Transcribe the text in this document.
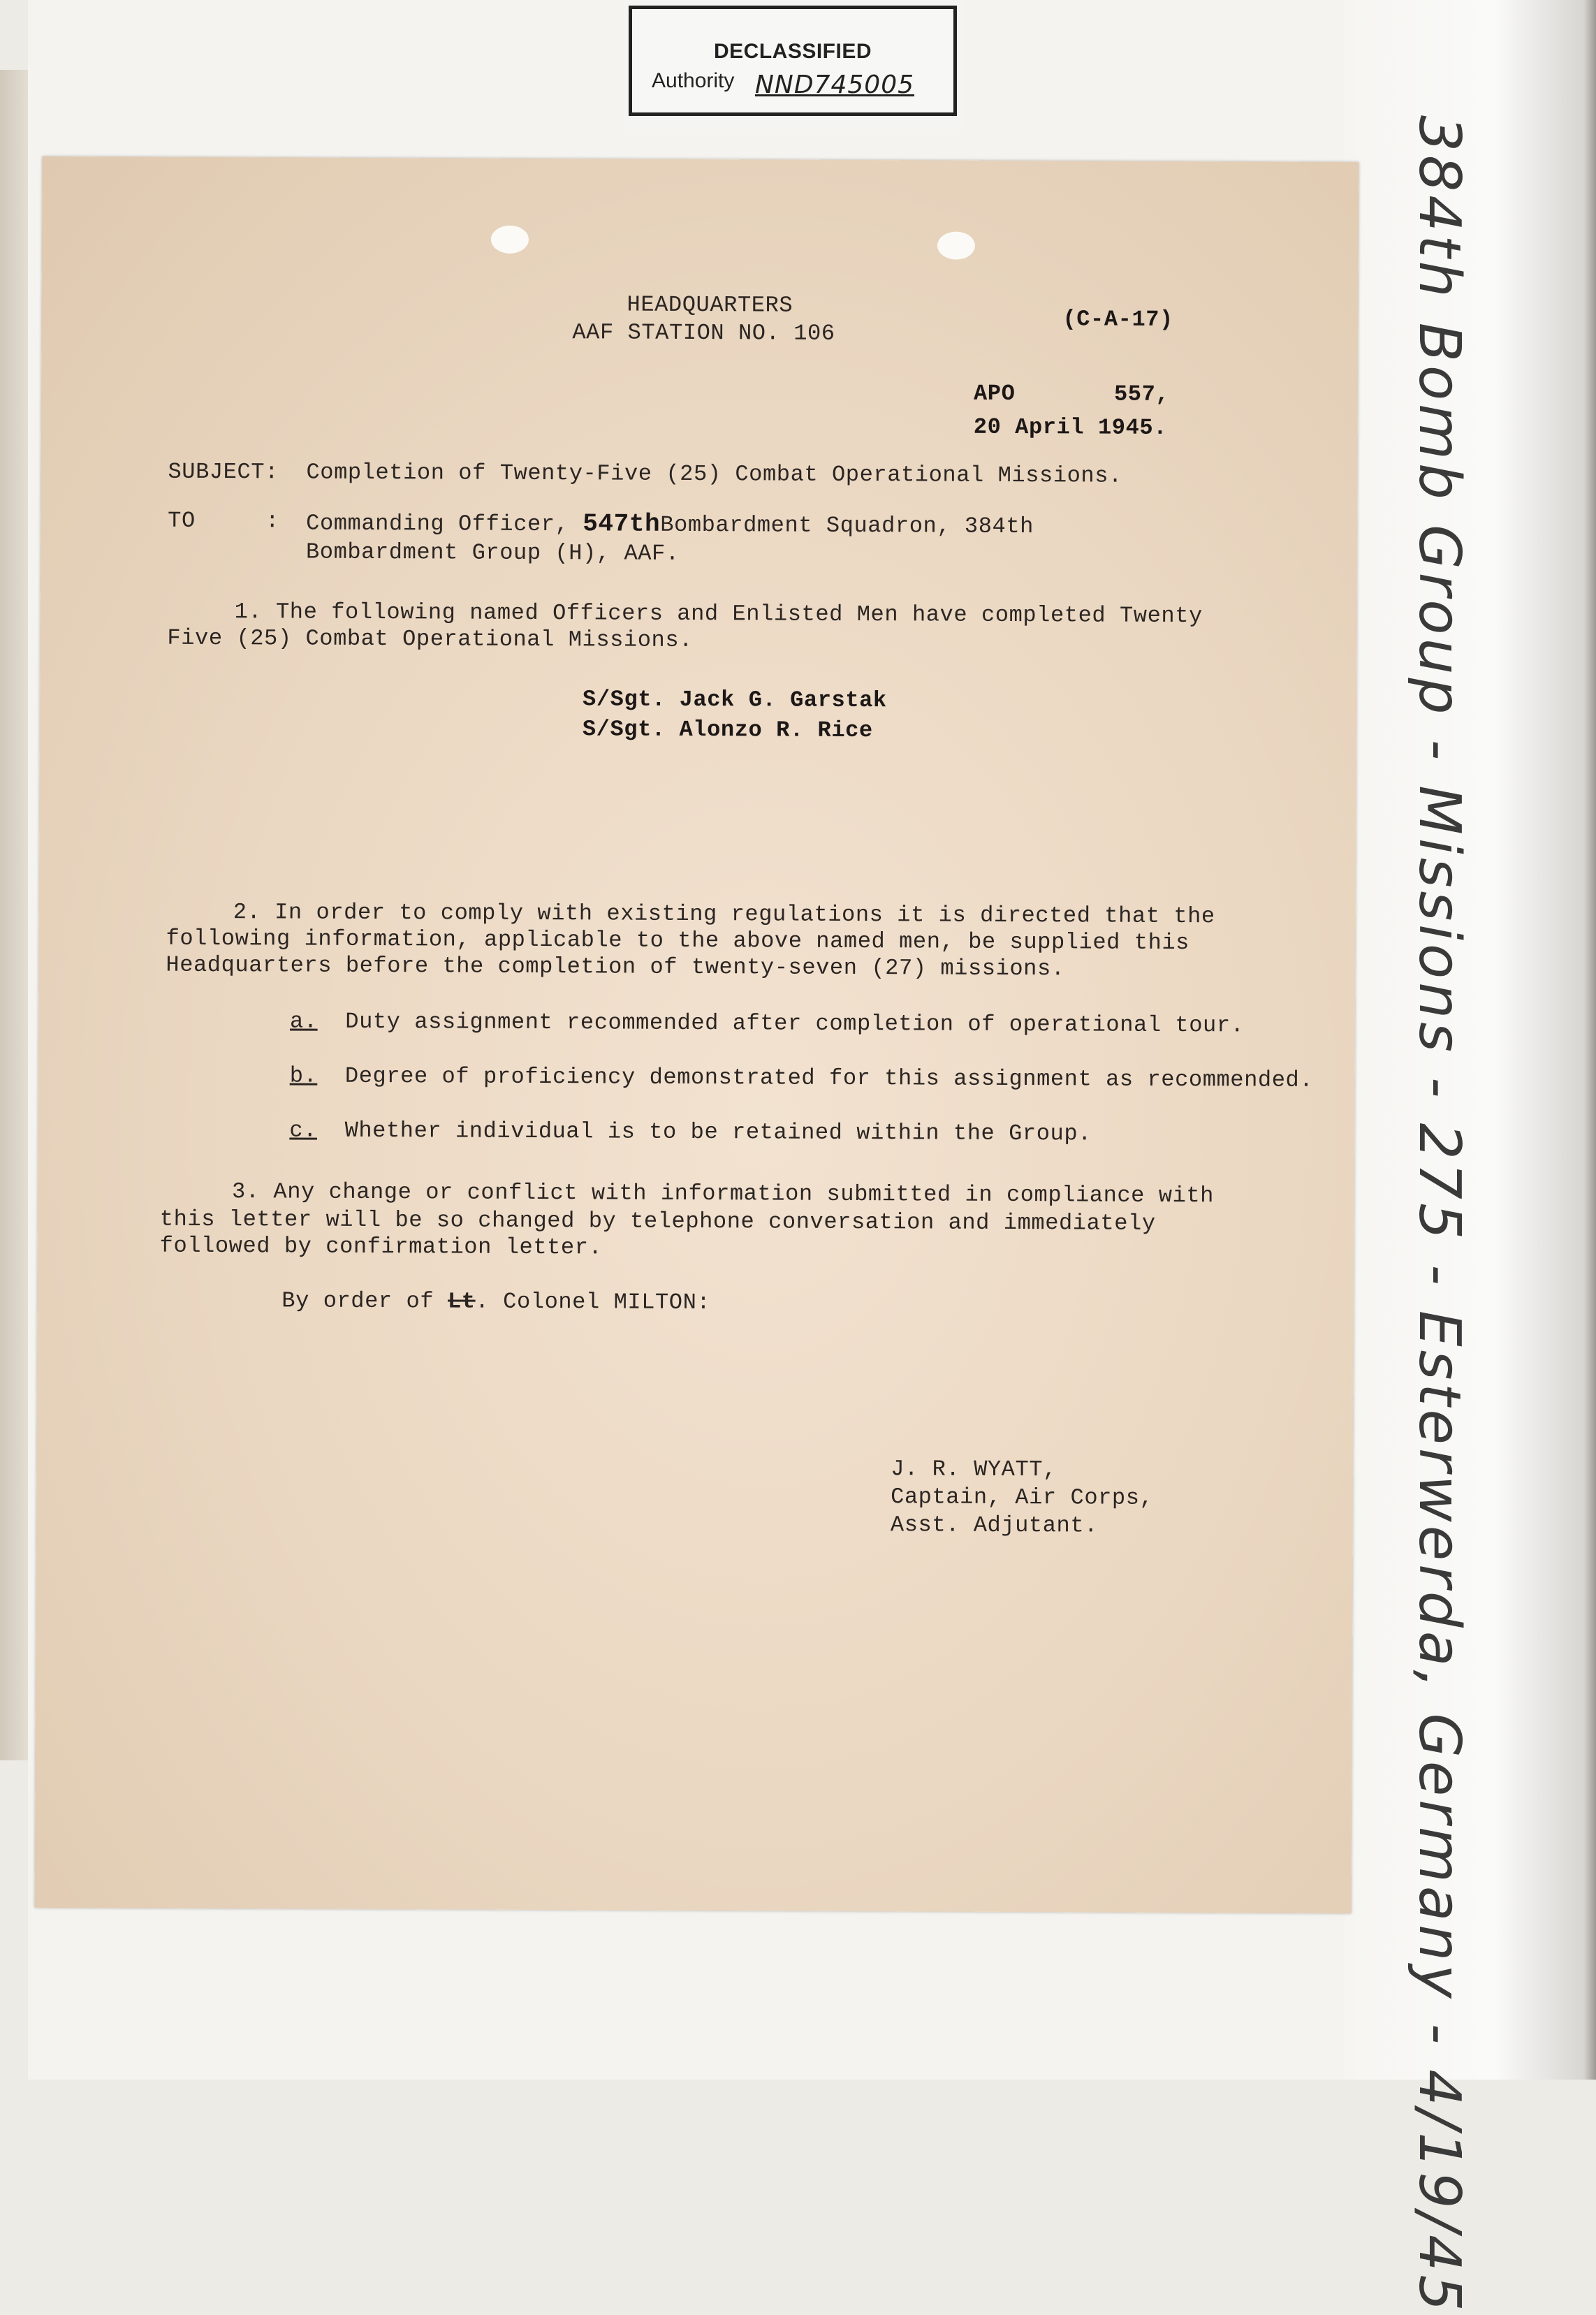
DECLASSIFIED
Authority NND745005
HEADQUARTERS
AAF STATION NO. 106
(C-A-17)
APO	557,
20 April 1945.
SUBJECT: Completion of Twenty-Five (25) Combat Operational Missions.
TO	: Commanding Officer, 547thBombardment Squadron, 384th
Bombardment Group (H), AAF.
1. The following named Officers and Enlisted Men have completed Twenty
Five (25) Combat Operational Missions.
S/Sgt. Jack G. Garstak
S/Sgt. Alonzo R. Rice
2. In order to comply with existing regulations it is directed that the
following information, applicable to the above named men, be supplied this
Headquarters before the completion of twenty-seven (27) missions.
a. Duty assignment recommended after completion of operational tour.
b. Degree of proficiency demonstrated for this assignment as recommended.
c. Whether individual is to be retained within the Group.
3. Any change or conflict with information submitted in compliance with
this letter will be so changed by telephone conversation and immediately
followed by confirmation letter.
By order of Lt. Colonel MILTON:
J. R. WYATT,
Captain, Air Corps,
Asst. Adjutant.	384th Bomb Group - Missions - 275 - Esterwerda, Germany - 4/19/45
